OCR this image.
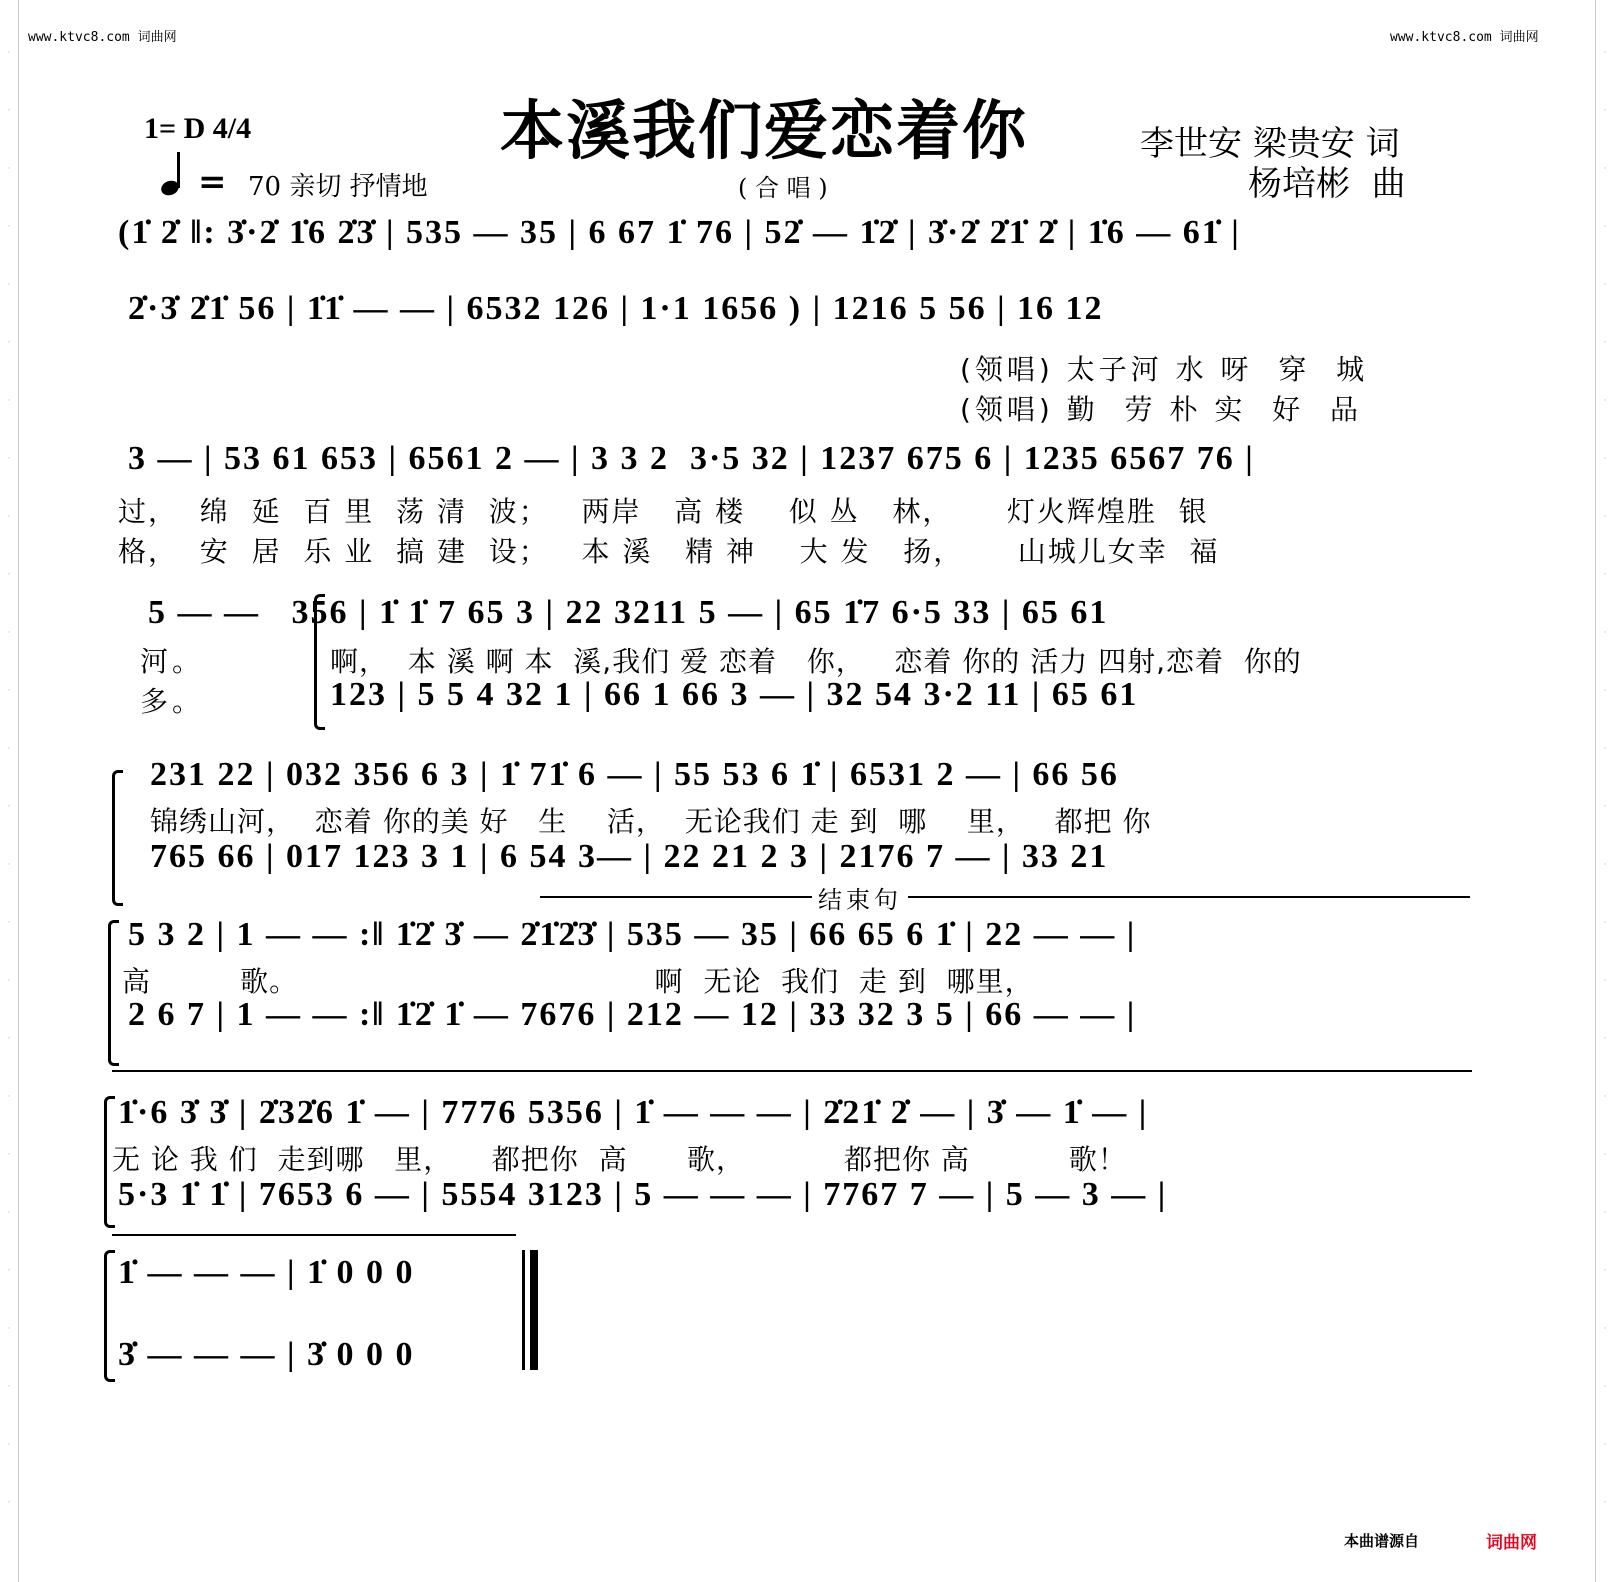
·
·
·
·
·
·
·
·
·
·
·
·
·
·
·
·
·
·
·
·
·
·
·
·
·
·
·
·
·
·
·
·
·
·
·
·
·
·
·
·
·
·
·
·
·
·
·
·
·
·
·
·
www.ktvc8.com 词曲网	www.ktvc8.com 词曲网
本溪我们爱恋着你
1= D 4/4
= 70 亲切 抒情地	( 合 唱 )
李世安 梁贵安 词
杨培彬  曲
(1̇ 2̇ ‖: 3̇·2̇ 1̇6 2̇3̇ | 535 — 35 | 6 67 1̇ 76 | 52̇ — 1̇2̇ | 3̇·2̇ 2̇1̇ 2̇ | 1̇6 — 61̇ |
2̇·3̇ 2̇1̇ 56 | 1̇1̇ — — | 6532 126 | 1·1 1656 ) | 1216 5 56 | 16 12
(领唱) 太子河 水 呀  穿  城
(领唱) 勤  劳 朴 实  好  品
3 — | 53 61 653 | 6561 2 — | 3 3 2  3·5 32 | 1237 675 6 | 1235 6567 76 |
过，  绵  延  百 里  荡 清  波；   两岸   高 楼    似 丛   林，     灯火辉煌胜  银
格，  安  居  乐 业  搞 建  设；   本 溪   精 神    大 发   扬，     山城儿女幸  福
5 — —   356 | 1̇ 1̇ 7 65 3 | 22 3211 5 — | 65 1̇7 6·5 33 | 65 61
河。
多。
啊，  本 溪 啊 本  溪,我们 爱 恋着   你，   恋着 你的 活力 四射,恋着  你的
123 | 5 5 4 32 1 | 66 1 66 3 — | 32 54 3·2 11 | 65 61
231 22 | 032 356 6 3 | 1̇ 71̇ 6 — | 55 53 6 1̇ | 6531 2 — | 66 56
锦绣山河，  恋着 你的美 好   生    活，  无论我们 走 到  哪    里，   都把 你
765 66 | 017 123 3 1 | 6 54 3— | 22 21 2 3 | 2176 7 — | 33 21
结束句
5 3 2 | 1 — — :‖ 1̇2̇ 3̇ — 2̇1̇2̇3̇ | 535 — 35 | 66 65 6 1̇ | 22 — — |
高         歌。                                    啊  无论  我们  走 到  哪里，
2 6 7 | 1 — — :‖ 1̇2̇ 1̇ — 7676 | 212 — 12 | 33 32 3 5 | 66 — — |
1̇·6 3̇ 3̇ | 2̇32̇6 1̇ — | 7776 5356 | 1̇ — — — | 2̇21̇ 2̇ — | 3̇ — 1̇ — |
无 论 我 们  走到哪   里，    都把你  高      歌，          都把你 高          歌！
5·3 1̇ 1̇ | 7653 6 — | 5554 3123 | 5 — — — | 7767 7 — | 5 — 3 — |
1̇ — — — | 1̇ 0 0 0
3̇ — — — | 3̇ 0 0 0
本曲谱源自	词曲网
